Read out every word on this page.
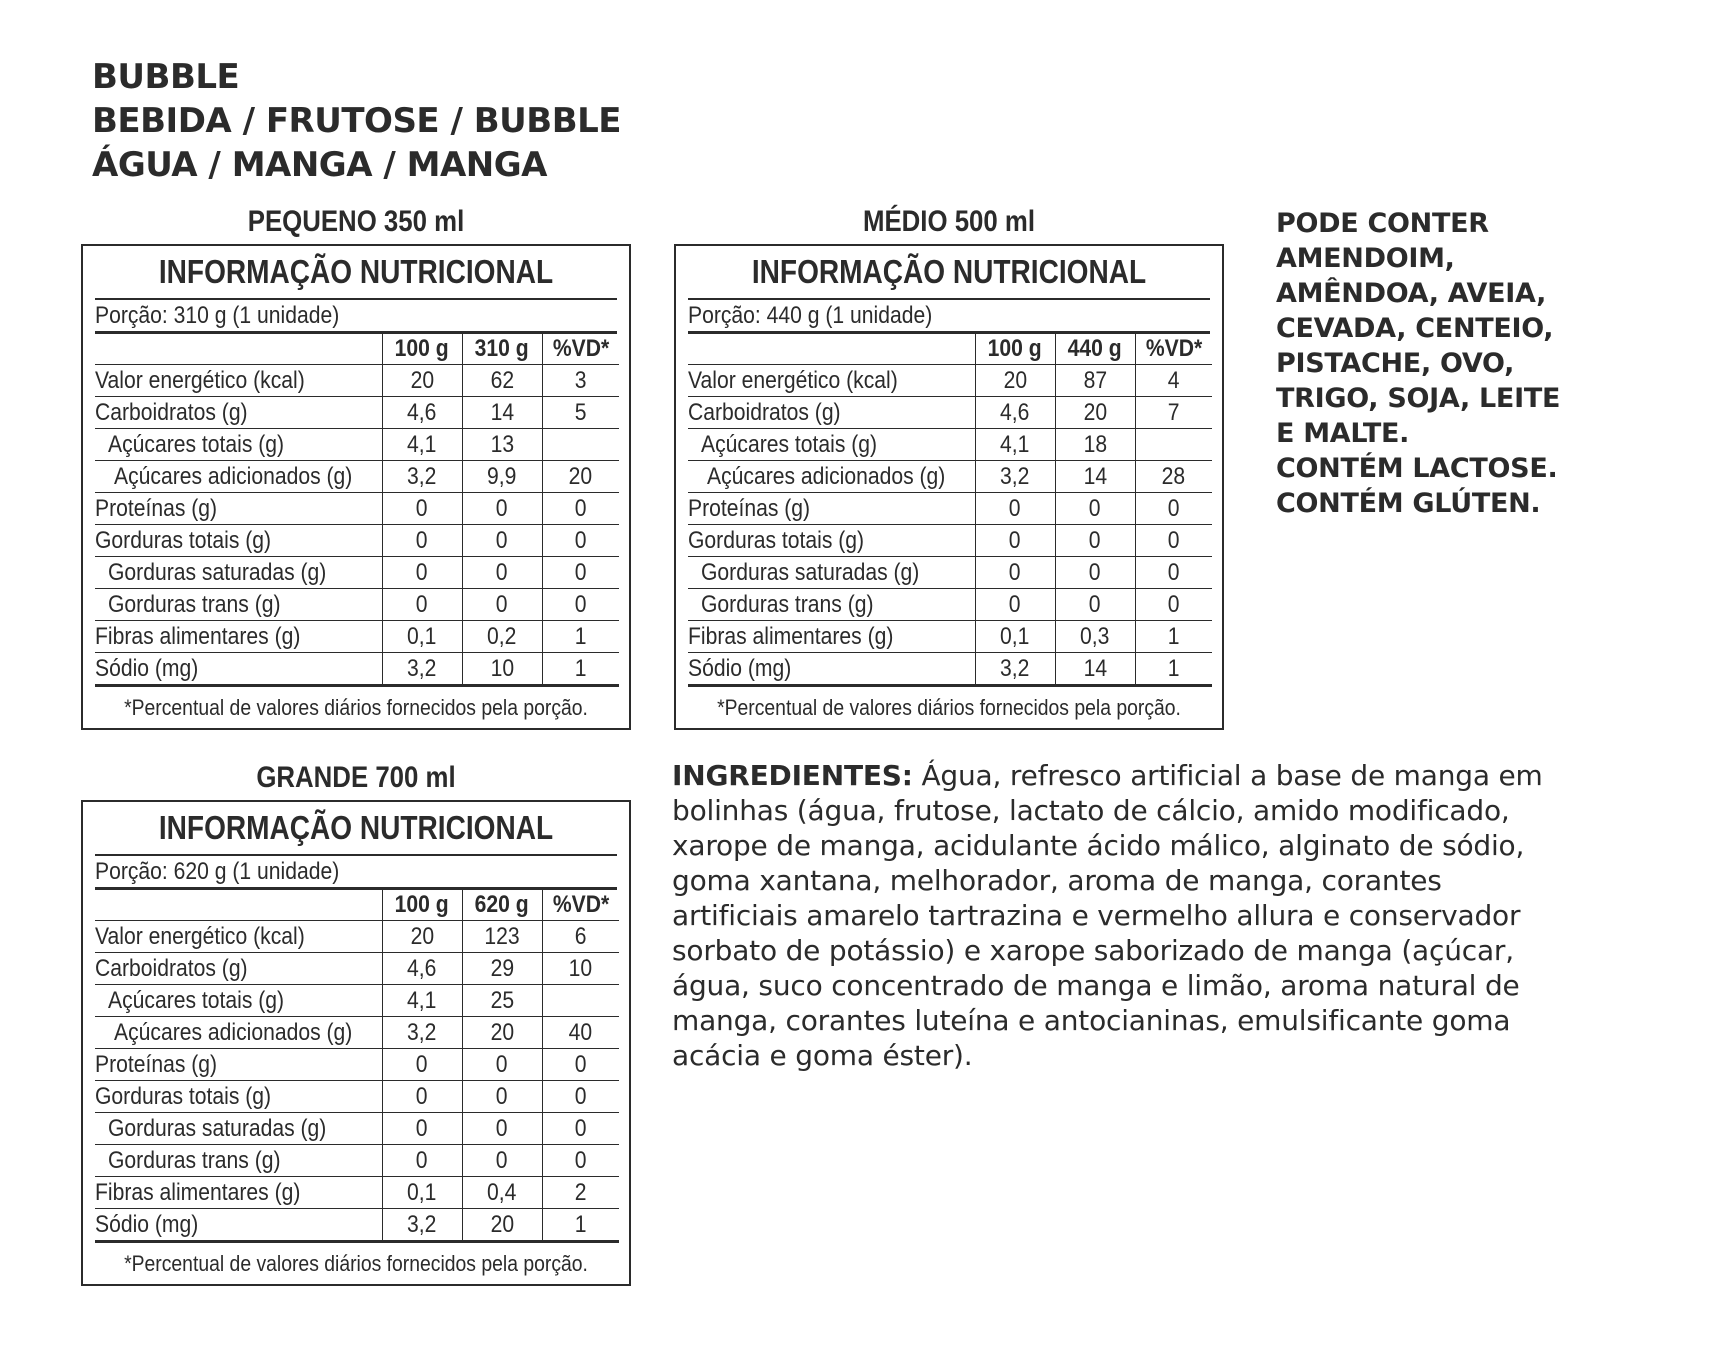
BUBBLE
BEBIDA / FRUTOSE / BUBBLE
ÁGUA / MANGA / MANGA
PEQUENO 350 ml	MÉDIO 500 ml
GRANDE 700 ml
INFORMAÇÃO NUTRICIONAL
Porção: 310 g (1 unidade)
	100 g	310 g	%VD*
Valor energético (kcal)	20	62	3
Carboidratos (g)	4,6	14	5
Açúcares totais (g)	4,1	13	
Açúcares adicionados (g)	3,2	9,9	20
Proteínas (g)	0	0	0
Gorduras totais (g)	0	0	0
Gorduras saturadas (g)	0	0	0
Gorduras trans (g)	0	0	0
Fibras alimentares (g)	0,1	0,2	1
Sódio (mg)	3,2	10	1
*Percentual de valores diários fornecidos pela porção.
INFORMAÇÃO NUTRICIONAL
Porção: 440 g (1 unidade)
	100 g	440 g	%VD*
Valor energético (kcal)	20	87	4
Carboidratos (g)	4,6	20	7
Açúcares totais (g)	4,1	18	
Açúcares adicionados (g)	3,2	14	28
Proteínas (g)	0	0	0
Gorduras totais (g)	0	0	0
Gorduras saturadas (g)	0	0	0
Gorduras trans (g)	0	0	0
Fibras alimentares (g)	0,1	0,3	1
Sódio (mg)	3,2	14	1
*Percentual de valores diários fornecidos pela porção.
INFORMAÇÃO NUTRICIONAL
Porção: 620 g (1 unidade)
	100 g	620 g	%VD*
Valor energético (kcal)	20	123	6
Carboidratos (g)	4,6	29	10
Açúcares totais (g)	4,1	25	
Açúcares adicionados (g)	3,2	20	40
Proteínas (g)	0	0	0
Gorduras totais (g)	0	0	0
Gorduras saturadas (g)	0	0	0
Gorduras trans (g)	0	0	0
Fibras alimentares (g)	0,1	0,4	2
Sódio (mg)	3,2	20	1
*Percentual de valores diários fornecidos pela porção.
PODE CONTER
AMENDOIM,
AMÊNDOA, AVEIA,
CEVADA, CENTEIO,
PISTACHE, OVO,
TRIGO, SOJA, LEITE
E MALTE.
CONTÉM LACTOSE.
CONTÉM GLÚTEN.
INGREDIENTES: Água, refresco artificial a base de manga em bolinhas (água, frutose, lactato de cálcio, amido modificado, xarope de manga, acidulante ácido málico, alginato de sódio, goma xantana, melhorador, aroma de manga, corantes artificiais amarelo tartrazina e vermelho allura e conservador sorbato de potássio) e xarope saborizado de manga (açúcar, água, suco concentrado de manga e limão, aroma natural de manga, corantes luteína e antocianinas, emulsificante goma acácia e goma éster).
